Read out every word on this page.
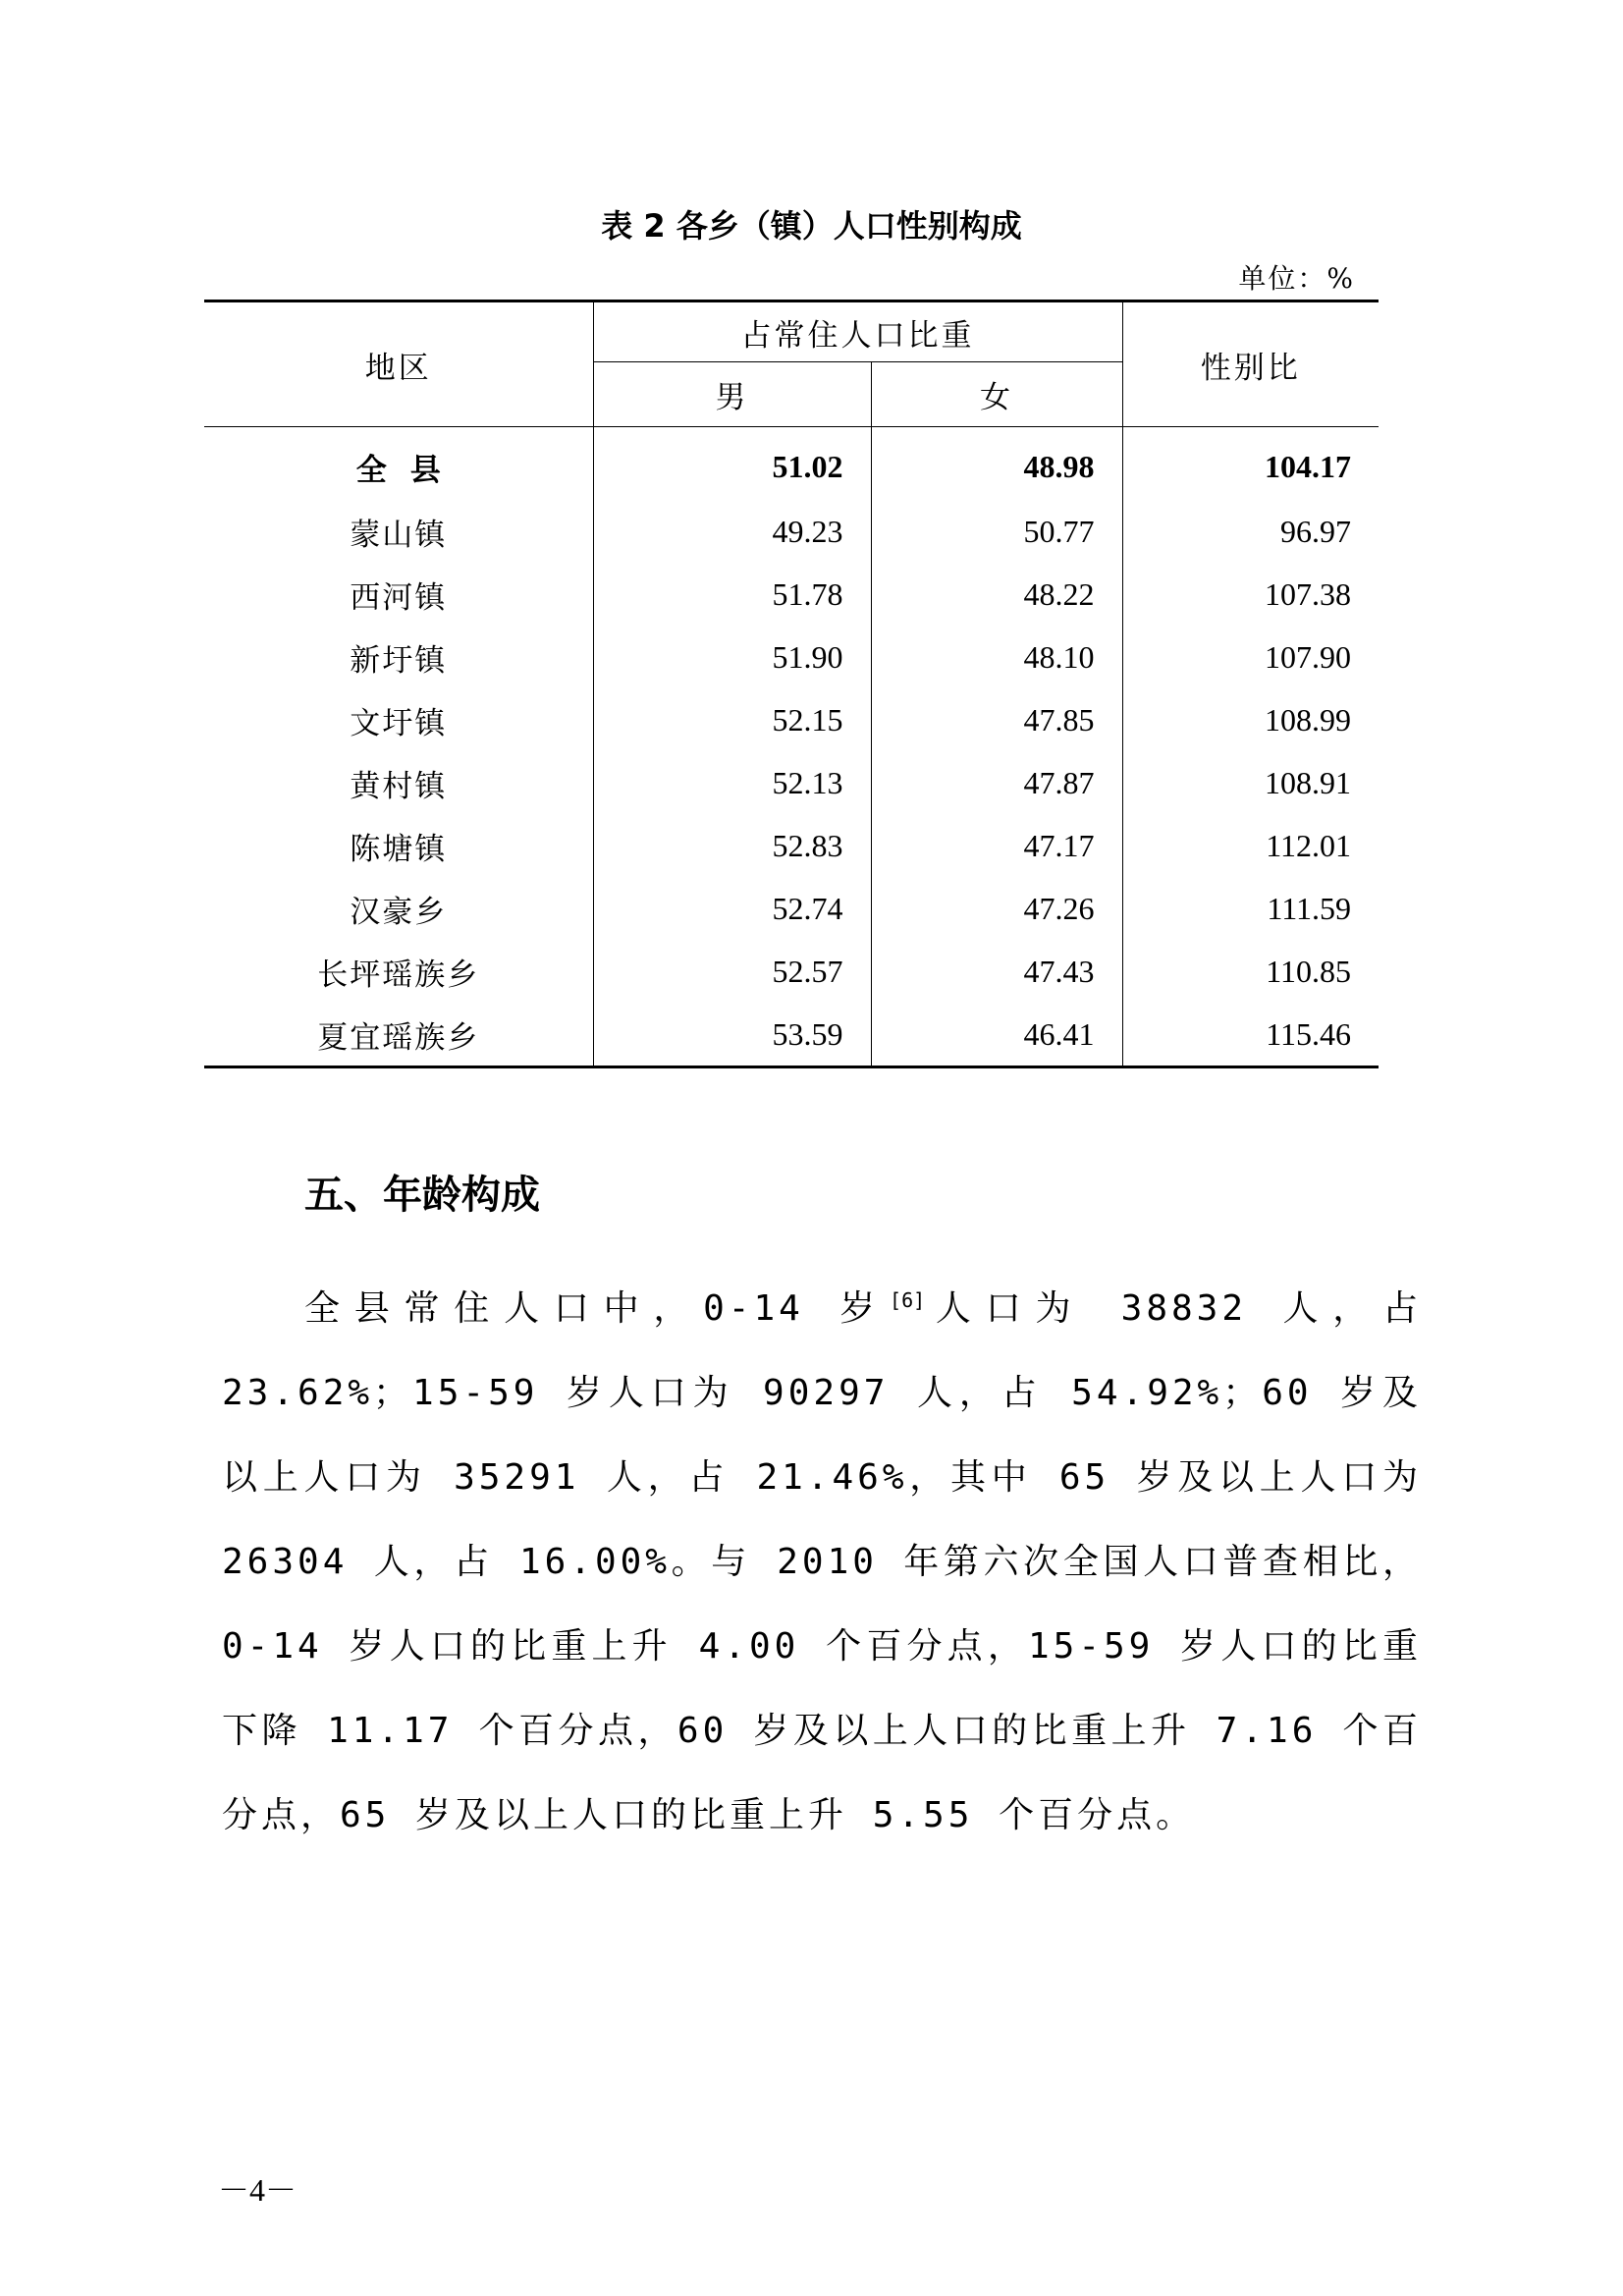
表 2 各乡（镇）人口性别构成
单位：%
地区	占常住人口比重		性别比
	男	女	
全县	51.02	48.98	104.17
蒙山镇	49.23	50.77	96.97
西河镇	51.78	48.22	107.38
新圩镇	51.90	48.10	107.90
文圩镇	52.15	47.85	108.99
黄村镇	52.13	47.87	108.91
陈塘镇	52.83	47.17	112.01
汉豪乡	52.74	47.26	111.59
长坪瑶族乡	52.57	47.43	110.85
夏宜瑶族乡	53.59	46.41	115.46
五、年龄构成

全县常住人口中，0-14 岁[6]人口为 38832 人，占 23.62%；15-59 岁人口为 90297 人，占 54.92%；60 岁及以上人口为 35291 人，占 21.46%，其中 65 岁及以上人口为 26304 人，占 16.00%。与 2010 年第六次全国人口普查相比，0-14 岁人口的比重上升 4.00 个百分点，15-59 岁人口的比重下降 11.17 个百分点，60 岁及以上人口的比重上升 7.16 个百分点，65 岁及以上人口的比重上升 5.55 个百分点。

－4－
